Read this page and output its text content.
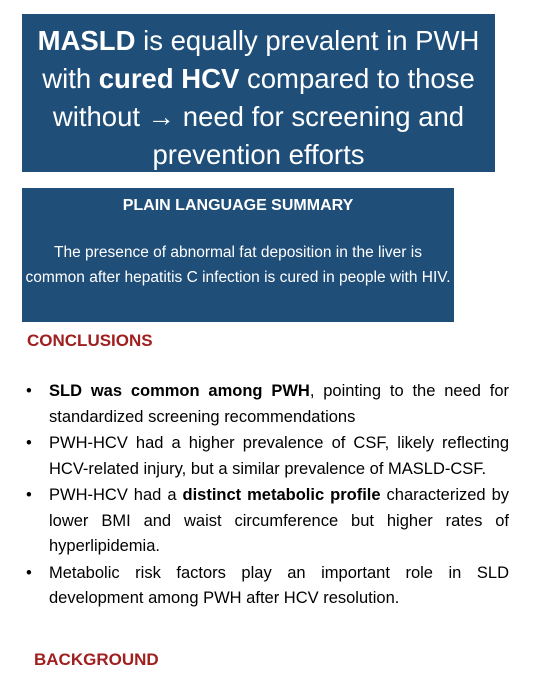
MASLD is equally prevalent in PWH with cured HCV compared to those without → need for screening and prevention efforts
PLAIN LANGUAGE SUMMARY
The presence of abnormal fat deposition in the liver is common after hepatitis C infection is cured in people with HIV.
CONCLUSIONS
• SLD was common among PWH, pointing to the need for standardized screening recommendations
• PWH-HCV had a higher prevalence of CSF, likely reflecting HCV-related injury, but a similar prevalence of MASLD-CSF.
• PWH-HCV had a distinct metabolic profile characterized by lower BMI and waist circumference but higher rates of hyperlipidemia.
• Metabolic risk factors play an important role in SLD development among PWH after HCV resolution.
BACKGROUND
